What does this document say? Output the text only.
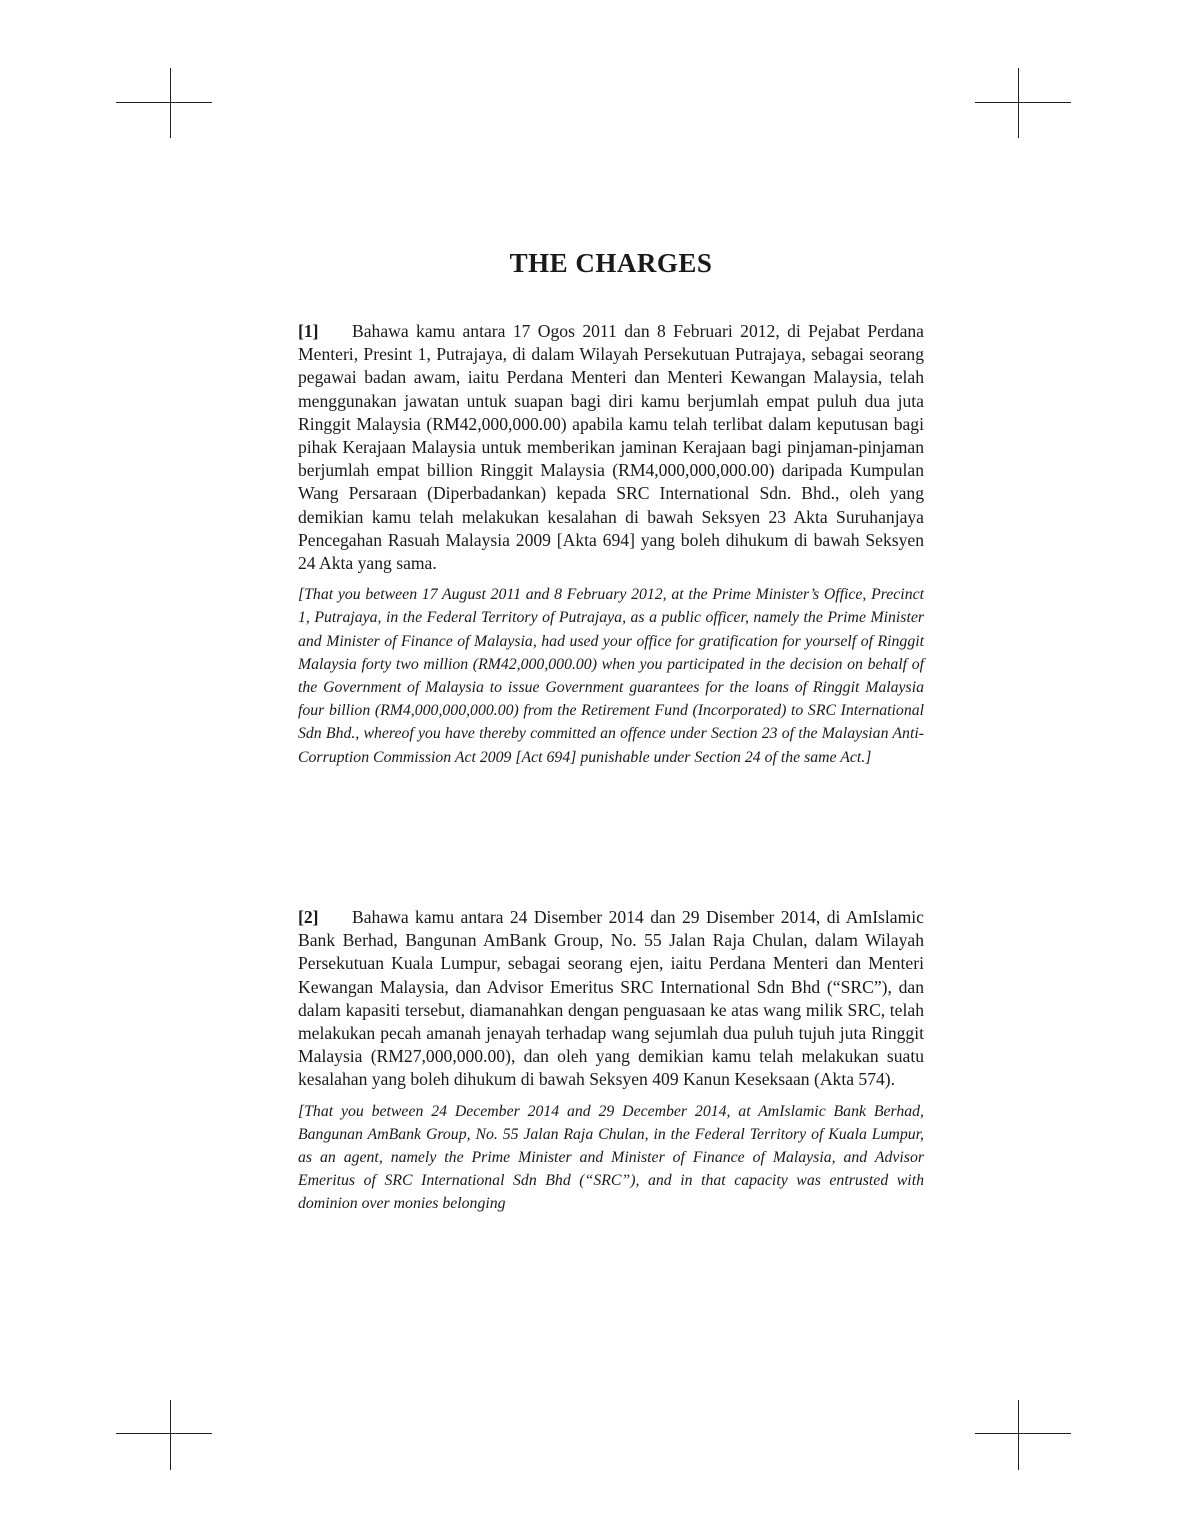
THE CHARGES

[1] Bahawa kamu antara 17 Ogos 2011 dan 8 Februari 2012, di Pejabat Perdana Menteri, Presint 1, Putrajaya, di dalam Wilayah Persekutuan Putrajaya, sebagai seorang pegawai badan awam, iaitu Perdana Menteri dan Menteri Kewangan Malaysia, telah menggunakan jawatan untuk suapan bagi diri kamu berjumlah empat puluh dua juta Ringgit Malaysia (RM42,000,000.00) apabila kamu telah terlibat dalam keputusan bagi pihak Kerajaan Malaysia untuk memberikan jaminan Kerajaan bagi pinjaman-pinjaman berjumlah empat billion Ringgit Malaysia (RM4,000,000,000.00) daripada Kumpulan Wang Persaraan (Diperbadankan) kepada SRC International Sdn. Bhd., oleh yang demikian kamu telah melakukan kesalahan di bawah Seksyen 23 Akta Suruhanjaya Pencegahan Rasuah Malaysia 2009 [Akta 694] yang boleh dihukum di bawah Seksyen 24 Akta yang sama.

[That you between 17 August 2011 and 8 February 2012, at the Prime Minister’s Office, Precinct 1, Putrajaya, in the Federal Territory of Putrajaya, as a public officer, namely the Prime Minister and Minister of Finance of Malaysia, had used your office for gratification for yourself of Ringgit Malaysia forty two million (RM42,000,000.00) when you participated in the decision on behalf of the Government of Malaysia to issue Government guarantees for the loans of Ringgit Malaysia four billion (RM4,000,000,000.00) from the Retirement Fund (Incorporated) to SRC International Sdn Bhd., whereof you have thereby committed an offence under Section 23 of the Malaysian Anti-Corruption Commission Act 2009 [Act 694] punishable under Section 24 of the same Act.]

[2] Bahawa kamu antara 24 Disember 2014 dan 29 Disember 2014, di AmIslamic Bank Berhad, Bangunan AmBank Group, No. 55 Jalan Raja Chulan, dalam Wilayah Persekutuan Kuala Lumpur, sebagai seorang ejen, iaitu Perdana Menteri dan Menteri Kewangan Malaysia, dan Advisor Emeritus SRC International Sdn Bhd (“SRC”), dan dalam kapasiti tersebut, diamanahkan dengan penguasaan ke atas wang milik SRC, telah melakukan pecah amanah jenayah terhadap wang sejumlah dua puluh tujuh juta Ringgit Malaysia (RM27,000,000.00), dan oleh yang demikian kamu telah melakukan suatu kesalahan yang boleh dihukum di bawah Seksyen 409 Kanun Keseksaan (Akta 574).

[That you between 24 December 2014 and 29 December 2014, at AmIslamic Bank Berhad, Bangunan AmBank Group, No. 55 Jalan Raja Chulan, in the Federal Territory of Kuala Lumpur, as an agent, namely the Prime Minister and Minister of Finance of Malaysia, and Advisor Emeritus of SRC International Sdn Bhd (“SRC”), and in that capacity was entrusted with dominion over monies belonging
